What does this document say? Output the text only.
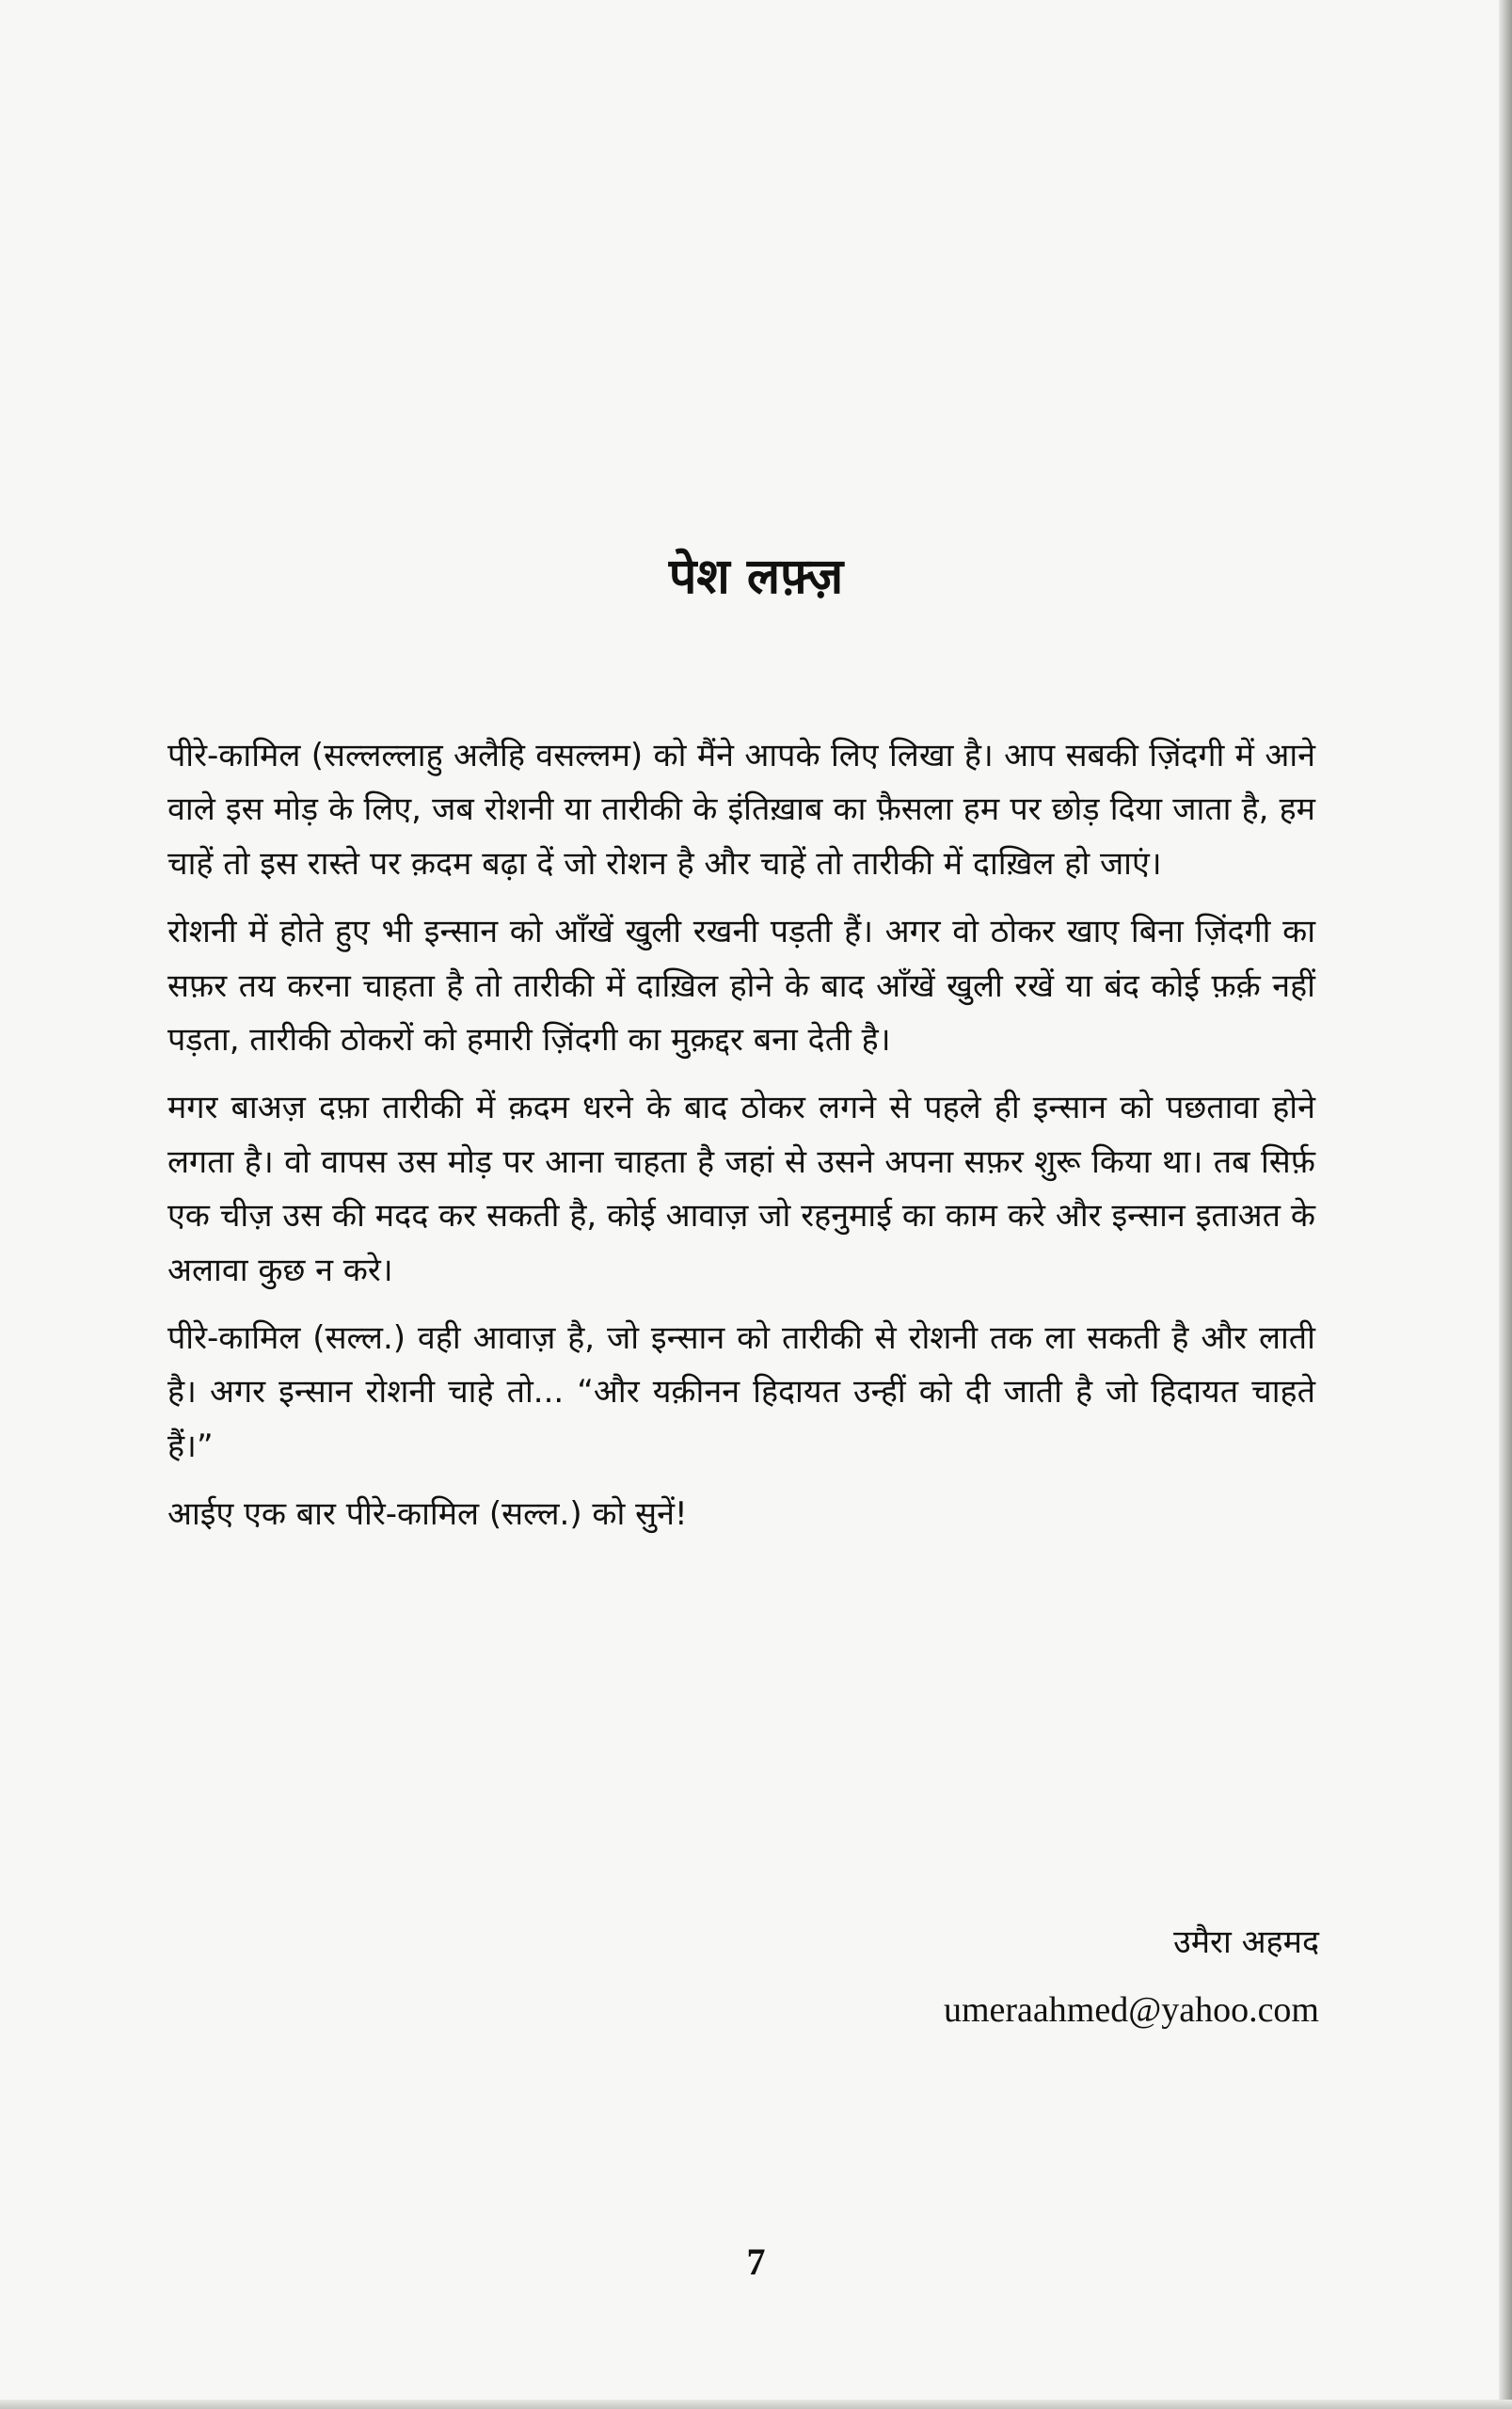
पेश लफ़्ज़

पीरे-कामिल (सल्लल्लाहु अलैहि वसल्लम) को मैंने आपके लिए लिखा है। आप सबकी ज़िंदगी में आने वाले इस मोड़ के लिए, जब रोशनी या तारीकी के इंतिख़ाब का फ़ैसला हम पर छोड़ दिया जाता है, हम चाहें तो इस रास्ते पर क़दम बढ़ा दें जो रोशन है और चाहें तो तारीकी में दाख़िल हो जाएं।

रोशनी में होते हुए भी इन्सान को आँखें खुली रखनी पड़ती हैं। अगर वो ठोकर खाए बिना ज़िंदगी का सफ़र तय करना चाहता है तो तारीकी में दाख़िल होने के बाद आँखें खुली रखें या बंद कोई फ़र्क़ नहीं पड़ता, तारीकी ठोकरों को हमारी ज़िंदगी का मुक़द्दर बना देती है।

मगर बाअज़ दफ़ा तारीकी में क़दम धरने के बाद ठोकर लगने से पहले ही इन्सान को पछतावा होने लगता है। वो वापस उस मोड़ पर आना चाहता है जहां से उसने अपना सफ़र शुरू किया था। तब सिर्फ़ एक चीज़ उस की मदद कर सकती है, कोई आवाज़ जो रहनुमाई का काम करे और इन्सान इताअत के अलावा कुछ न करे।

पीरे-कामिल (सल्ल.) वही आवाज़ है, जो इन्सान को तारीकी से रोशनी तक ला सकती है और लाती है। अगर इन्सान रोशनी चाहे तो... “और यक़ीनन हिदायत उन्हीं को दी जाती है जो हिदायत चाहते हैं।”

आईए एक बार पीरे-कामिल (सल्ल.) को सुनें!

उमैरा अहमद
umeraahmed@yahoo.com
7
